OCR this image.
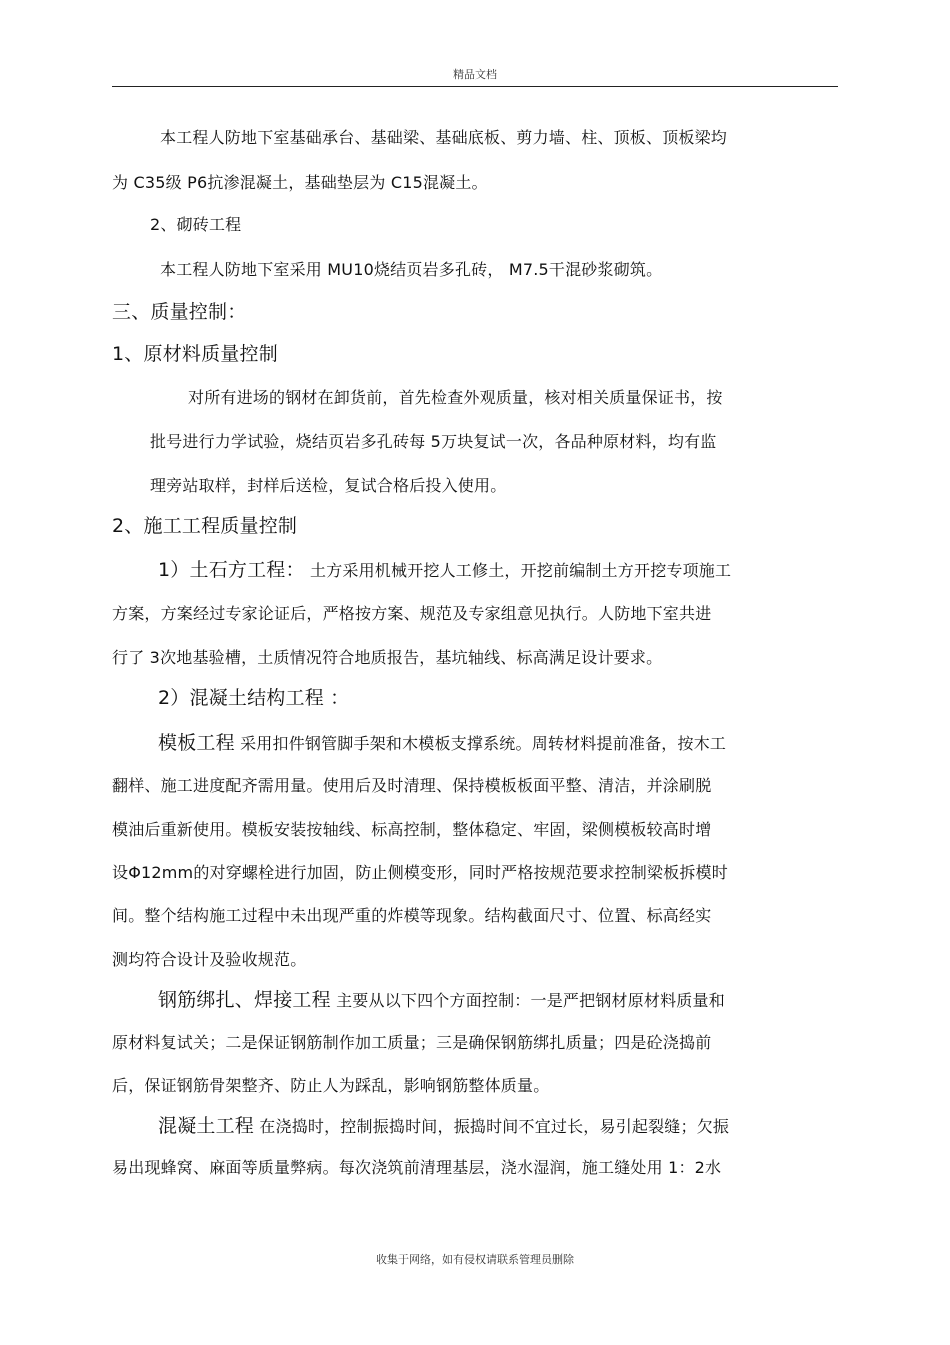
精品文档
本工程人防地下室基础承台、基础梁、基础底板、剪力墙、柱、顶板、顶板梁均
为 C35级 P6抗渗混凝土，基础垫层为 C15混凝土。
2、砌砖工程
本工程人防地下室采用 MU10烧结页岩多孔砖， M7.5干混砂浆砌筑。
三、质量控制：
1、原材料质量控制
对所有进场的钢材在卸货前，首先检查外观质量，核对相关质量保证书，按
批号进行力学试验，烧结页岩多孔砖每 5万块复试一次，各品种原材料，均有监
理旁站取样，封样后送检，复试合格后投入使用。
2、施工工程质量控制
1）土石方工程： 土方采用机械开挖人工修土，开挖前编制土方开挖专项施工
方案，方案经过专家论证后，严格按方案、规范及专家组意见执行。人防地下室共进
行了 3次地基验槽，土质情况符合地质报告，基坑轴线、标高满足设计要求。
2）混凝土结构工程 ：
模板工程 采用扣件钢管脚手架和木模板支撑系统。周转材料提前准备，按木工
翻样、施工进度配齐需用量。使用后及时清理、保持模板板面平整、清洁，并涂刷脱
模油后重新使用。模板安装按轴线、标高控制，整体稳定、牢固，梁侧模板较高时增
设Φ12mm的对穿螺栓进行加固，防止侧模变形，同时严格按规范要求控制梁板拆模时
间。整个结构施工过程中未出现严重的炸模等现象。结构截面尺寸、位置、标高经实
测均符合设计及验收规范。
钢筋绑扎、焊接工程 主要从以下四个方面控制：一是严把钢材原材料质量和
原材料复试关；二是保证钢筋制作加工质量；三是确保钢筋绑扎质量；四是砼浇捣前
后，保证钢筋骨架整齐、防止人为踩乱，影响钢筋整体质量。
混凝土工程 在浇捣时，控制振捣时间，振捣时间不宜过长，易引起裂缝；欠振
易出现蜂窝、麻面等质量弊病。每次浇筑前清理基层，浇水湿润，施工缝处用 1：2水
收集于网络，如有侵权请联系管理员删除
